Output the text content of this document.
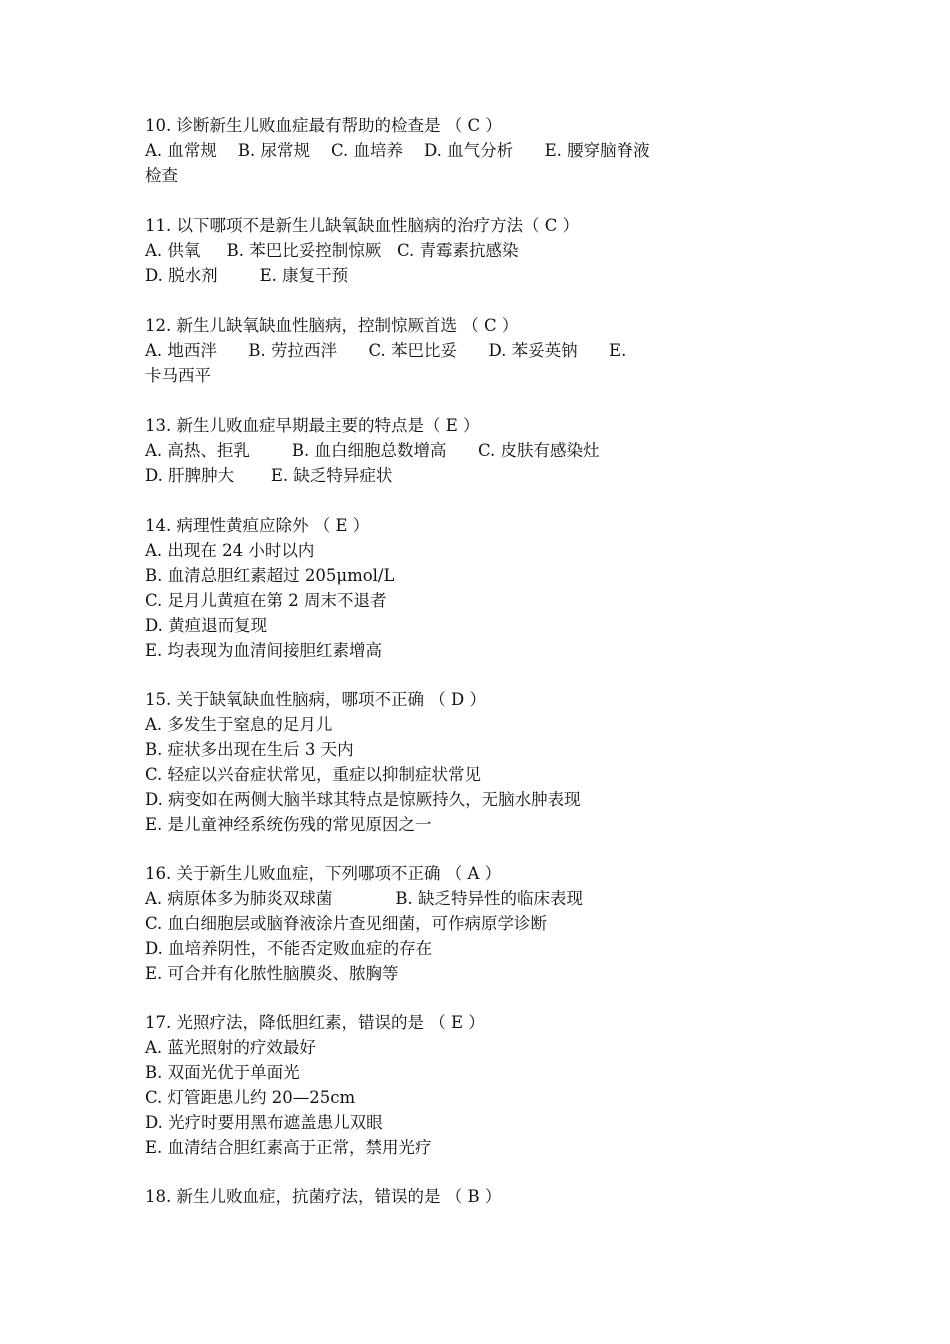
10. 诊断新生儿败血症最有帮助的检查是 （ C ）
A. 血常规    B. 尿常规    C. 血培养    D. 血气分析      E. 腰穿脑脊液
检查
11. 以下哪项不是新生儿缺氧缺血性脑病的治疗方法（ C ）
A. 供氧     B. 苯巴比妥控制惊厥   C. 青霉素抗感染
D. 脱水剂        E. 康复干预
12. 新生儿缺氧缺血性脑病，控制惊厥首选 （ C ）
A. 地西泮      B. 劳拉西泮      C. 苯巴比妥      D. 苯妥英钠      E.
卡马西平
13. 新生儿败血症早期最主要的特点是（ E ）
A. 高热、拒乳        B. 血白细胞总数增高      C. 皮肤有感染灶
D. 肝脾肿大       E. 缺乏特异症状
14. 病理性黄疸应除外 （ E ）
A. 出现在 24 小时以内
B. 血清总胆红素超过 205μmol/L
C. 足月儿黄疸在第 2 周末不退者
D. 黄疸退而复现
E. 均表现为血清间接胆红素增高
15. 关于缺氧缺血性脑病，哪项不正确 （ D ）
A. 多发生于窒息的足月儿
B. 症状多出现在生后 3 天内
C. 轻症以兴奋症状常见，重症以抑制症状常见
D. 病变如在两侧大脑半球其特点是惊厥持久，无脑水肿表现
E. 是儿童神经系统伤残的常见原因之一
16. 关于新生儿败血症，下列哪项不正确 （ A ）
A. 病原体多为肺炎双球菌            B. 缺乏特异性的临床表现
C. 血白细胞层或脑脊液涂片查见细菌，可作病原学诊断
D. 血培养阴性，不能否定败血症的存在
E. 可合并有化脓性脑膜炎、脓胸等
17. 光照疗法，降低胆红素，错误的是 （ E ）
A. 蓝光照射的疗效最好
B. 双面光优于单面光
C. 灯管距患儿约 20—25cm
D. 光疗时要用黑布遮盖患儿双眼
E. 血清结合胆红素高于正常，禁用光疗
18. 新生儿败血症，抗菌疗法，错误的是 （ B ）
